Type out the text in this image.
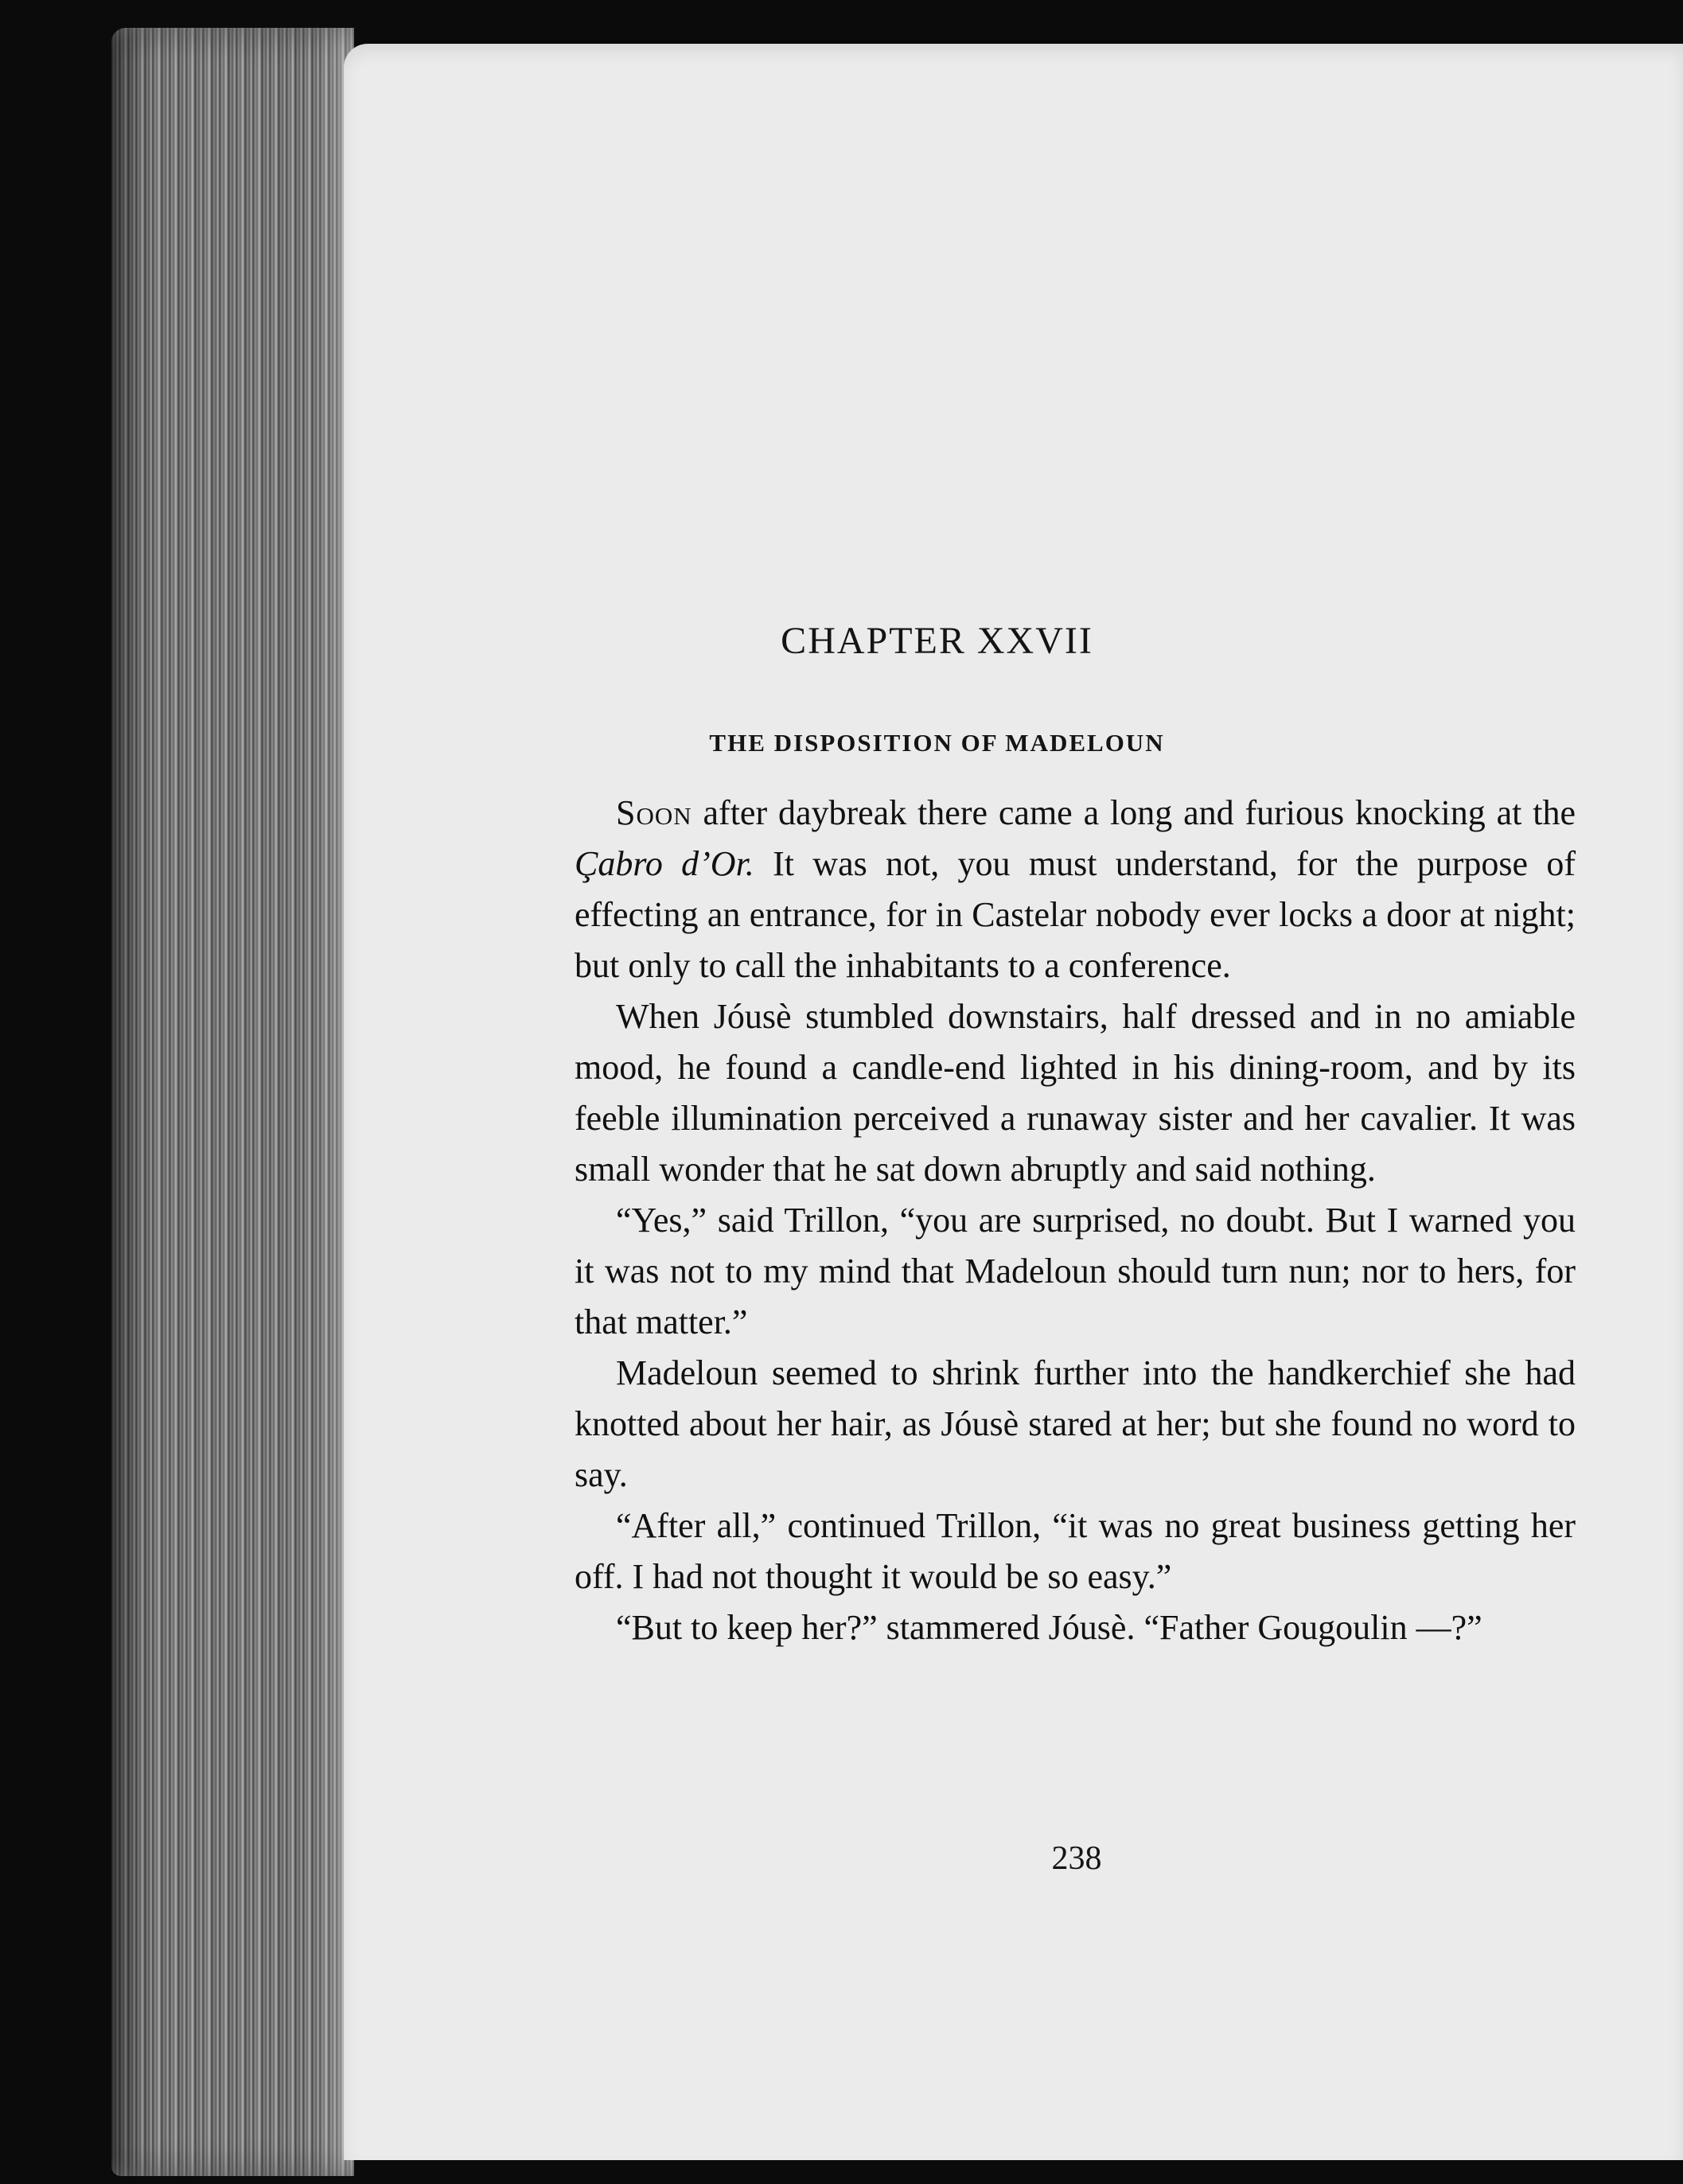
CHAPTER XXVII
THE DISPOSITION OF MADELOUN

Soon after daybreak there came a long and furious knocking at the Çabro d’Or. It was not, you must understand, for the purpose of effecting an entrance, for in Castelar nobody ever locks a door at night; but only to call the inhabitants to a conference.

When Jóusè stumbled downstairs, half dressed and in no amiable mood, he found a candle-end lighted in his dining-room, and by its feeble illumination perceived a runaway sister and her cavalier. It was small wonder that he sat down abruptly and said nothing.

“Yes,” said Trillon, “you are surprised, no doubt. But I warned you it was not to my mind that Madeloun should turn nun; nor to hers, for that matter.”

Madeloun seemed to shrink further into the handkerchief she had knotted about her hair, as Jóusè stared at her; but she found no word to say.

“After all,” continued Trillon, “it was no great business getting her off. I had not thought it would be so easy.”

“But to keep her?” stammered Jóusè. “Father Gougoulin —?”

238
